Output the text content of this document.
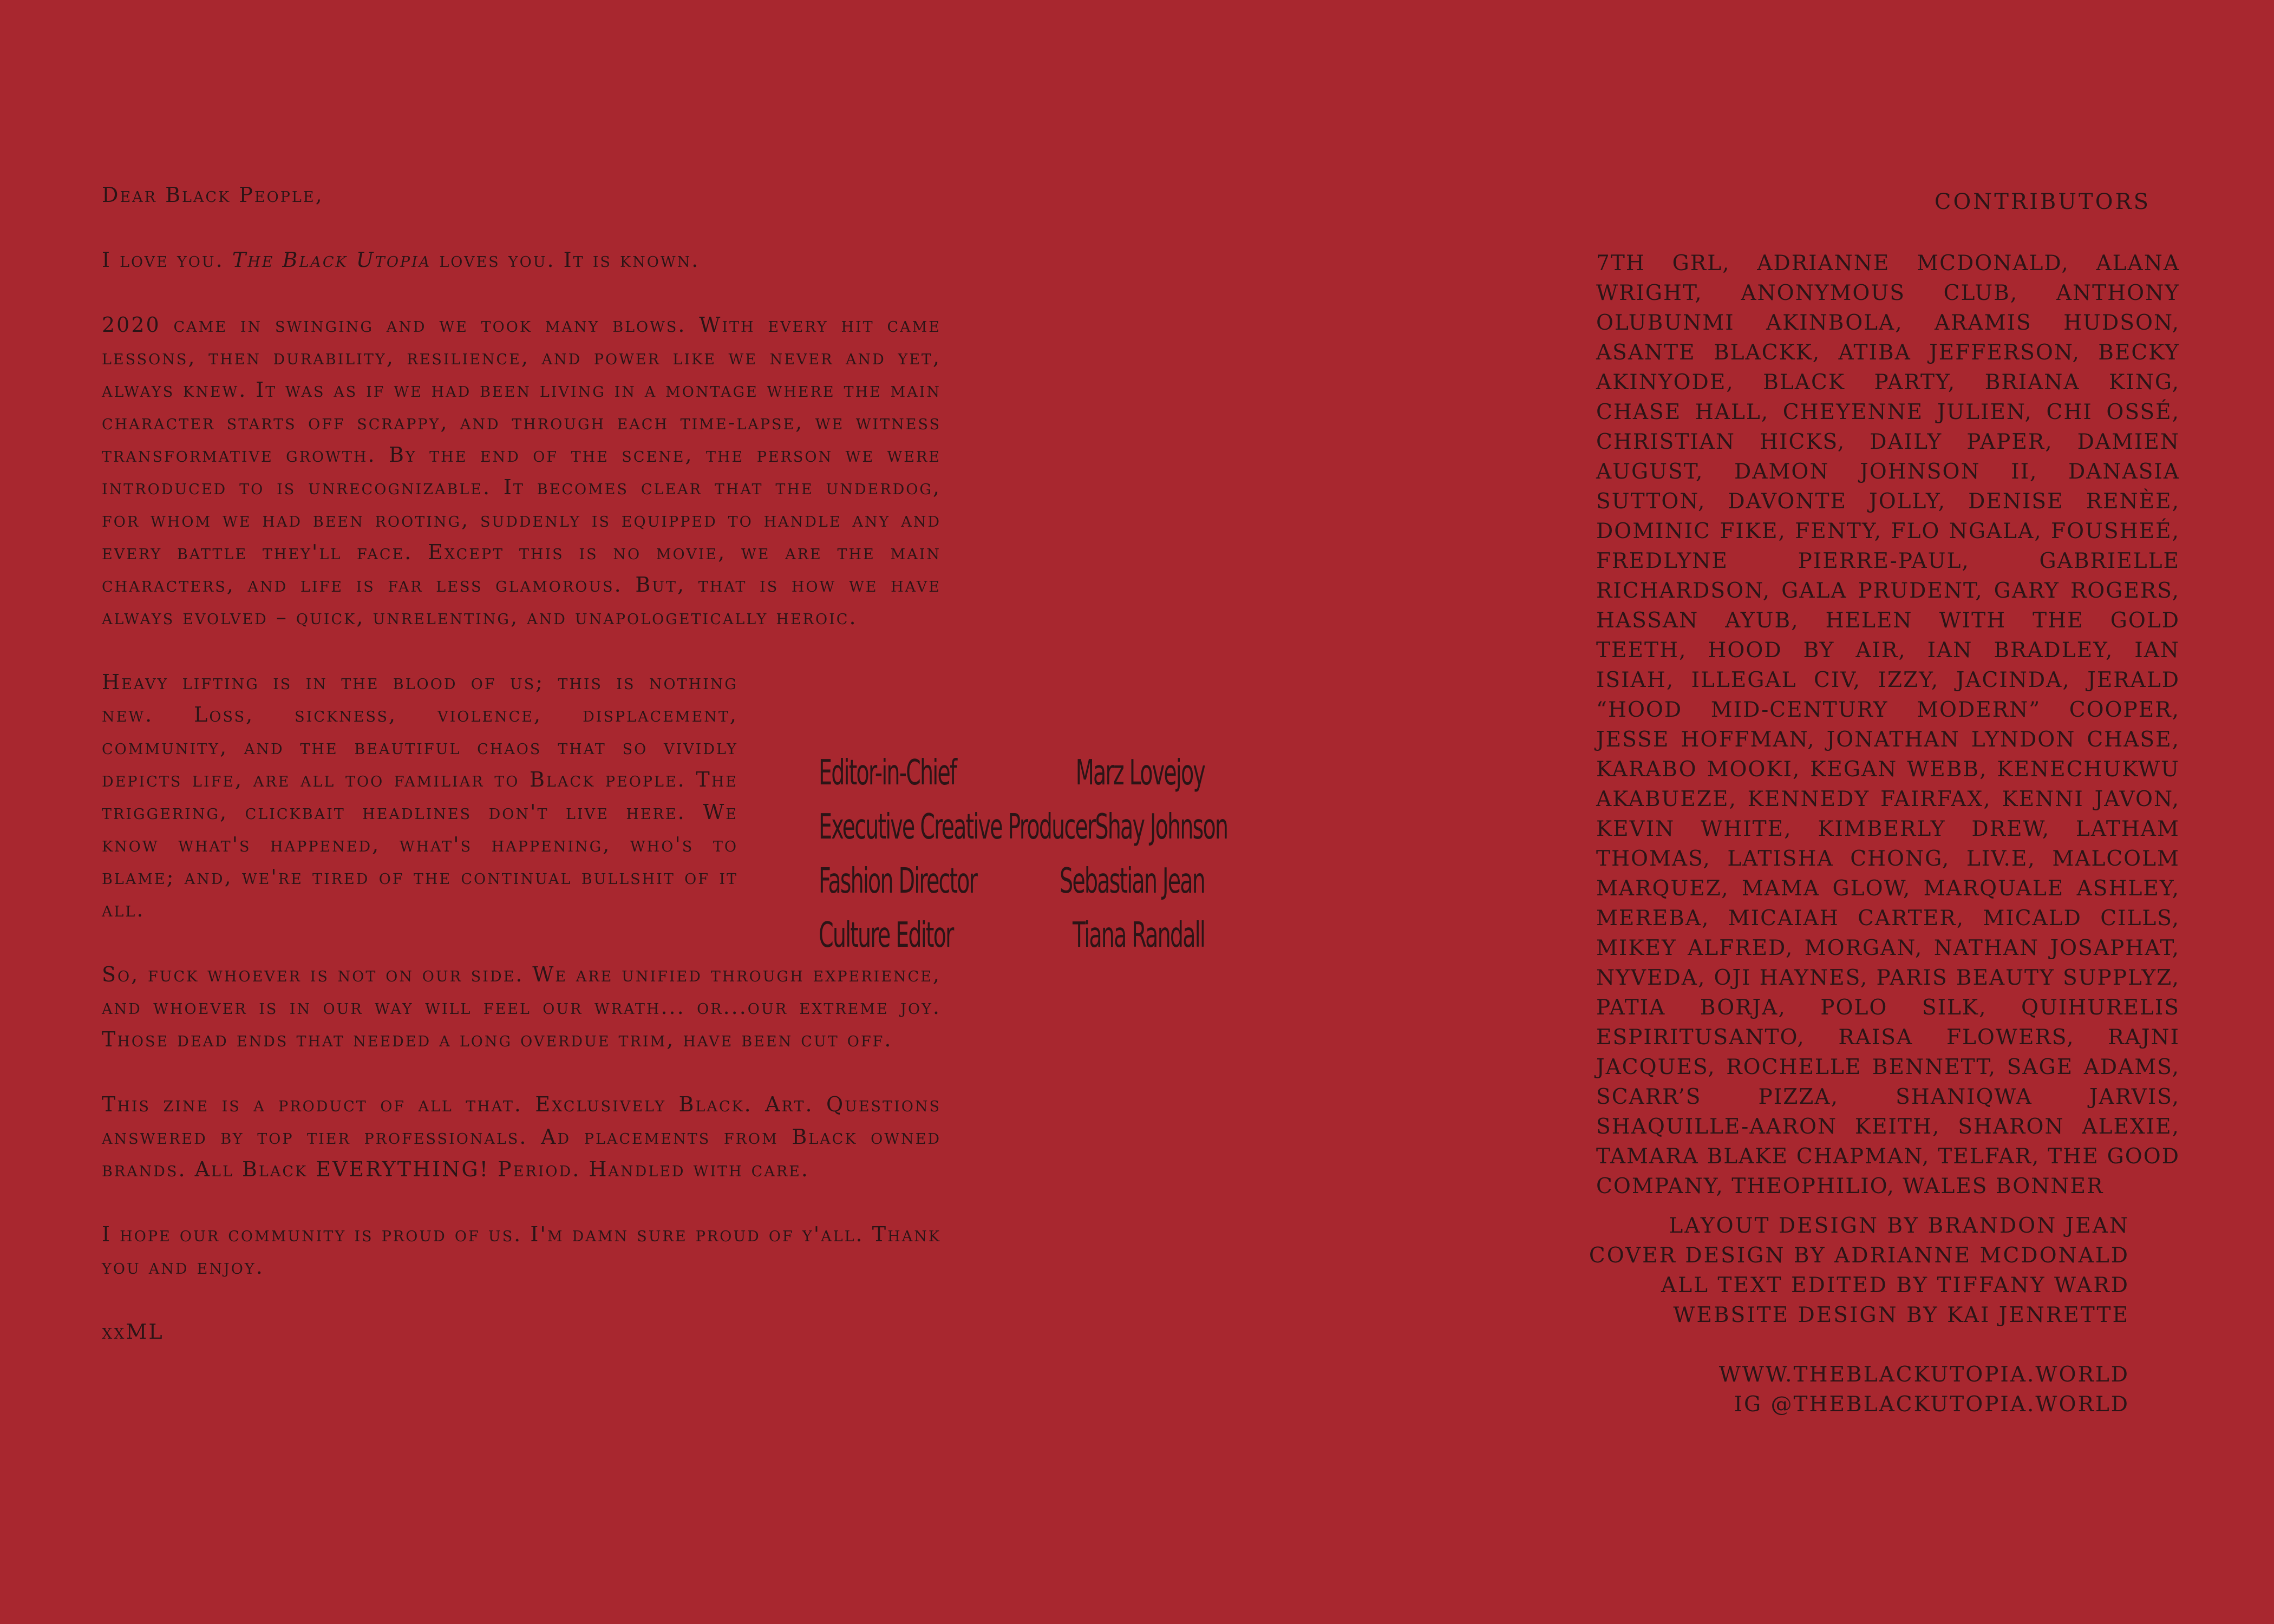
Dear Black People,

I love you. The Black Utopia loves you. It is known.

2020 came in swinging and we took many blows. With every hit came lessons, then durability, resilience, and power like we never and yet, always knew. It was as if we had been living in a montage where the main character starts off scrappy, and through each time-lapse, we witness transformative growth. By the end of the scene, the person we were introduced to is unrecognizable. It becomes clear that the underdog, for whom we had been rooting, suddenly is equipped to handle any and every battle they'll face. Except this is no movie, we are the main characters, and life is far less glamorous. But, that is how we have always evolved – quick, unrelenting, and unapologetically heroic.

Heavy lifting is in the blood of us; this is nothing new. Loss, sickness, violence, displacement, community, and the beautiful chaos that so vividly depicts life, are all too familiar to Black people. The triggering, clickbait headlines don't live here. We know what's happened, what's happening, who's to blame; and, we're tired of the continual bullshit of it all.

So, fuck whoever is not on our side. We are unified through experience, and whoever is in our way will feel our wrath... or...our extreme joy. Those dead ends that needed a long overdue trim, have been cut off.

This zine is a product of all that. Exclusively Black. Art. Questions answered by top tier professionals. Ad placements from Black owned brands. All Black EVERYTHING! Period. Handled with care.

I hope our community is proud of us. I'm damn sure proud of y'all. Thank you and enjoy.

xxML

Editor-in-Chief	Marz Lovejoy
Executive Creative Producer Shay Johnson
Fashion Director	Sebastian Jean
Culture Editor	Tiana Randall
CONTRIBUTORS
7TH GRL, ADRIANNE MCDONALD, ALANA WRIGHT, ANONYMOUS CLUB, ANTHONY OLUBUNMI AKINBOLA, ARAMIS HUDSON, ASANTE BLACKK, ATIBA JEFFERSON, BECKY AKINYODE, BLACK PARTY, BRIANA KING, CHASE HALL, CHEYENNE JULIEN, CHI OSSÉ, CHRISTIAN HICKS, DAILY PAPER, DAMIEN AUGUST, DAMON JOHNSON II, DANASIA SUTTON, DAVONTE JOLLY, DENISE RENÈE, DOMINIC FIKE, FENTY, FLO NGALA, FOUSHEÉ, FREDLYNE PIERRE-PAUL, GABRIELLE RICHARDSON, GALA PRUDENT, GARY ROGERS, HASSAN AYUB, HELEN WITH THE GOLD TEETH, HOOD BY AIR, IAN BRADLEY, IAN ISIAH, ILLEGAL CIV, IZZY, JACINDA, JERALD “HOOD MID-CENTURY MODERN” COOPER, JESSE HOFFMAN, JONATHAN LYNDON CHASE, KARABO MOOKI, KEGAN WEBB, KENECHUKWU AKABUEZE, KENNEDY FAIRFAX, KENNI JAVON, KEVIN WHITE, KIMBERLY DREW, LATHAM THOMAS, LATISHA CHONG, LIV.E, MALCOLM MARQUEZ, MAMA GLOW, MARQUALE ASHLEY, MEREBA, MICAIAH CARTER, MICALD CILLS, MIKEY ALFRED, MORGAN, NATHAN JOSAPHAT, NYVEDA, OJI HAYNES, PARIS BEAUTY SUPPLYZ, PATIA BORJA, POLO SILK, QUIHURELIS ESPIRITUSANTO, RAISA FLOWERS, RAJNI JACQUES, ROCHELLE BENNETT, SAGE ADAMS, SCARR’S PIZZA, SHANIQWA JARVIS, SHAQUILLE-AARON KEITH, SHARON ALEXIE, TAMARA BLAKE CHAPMAN, TELFAR, THE GOOD COMPANY, THEOPHILIO, WALES BONNER
LAYOUT DESIGN BY BRANDON JEAN
COVER DESIGN BY ADRIANNE MCDONALD
ALL TEXT EDITED BY TIFFANY WARD
WEBSITE DESIGN BY KAI JENRETTE
WWW.THEBLACKUTOPIA.WORLD
IG @THEBLACKUTOPIA.WORLD
